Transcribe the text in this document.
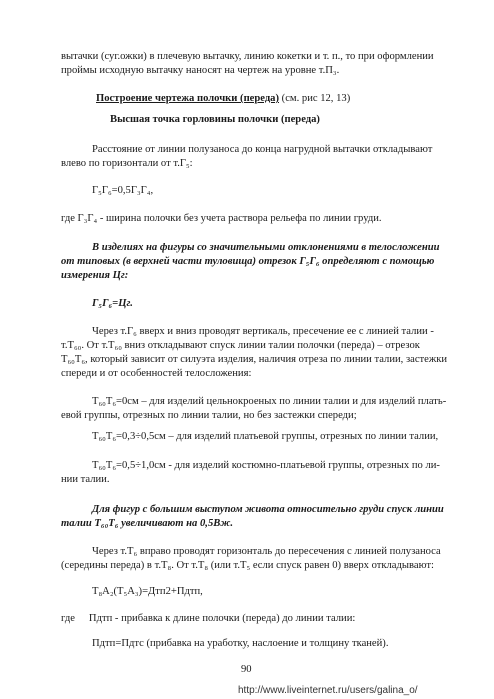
вытачки (суг.ожки) в плечевую вытачку, линию кокетки и т. п., то при оформлении
проймы исходную вытачку наносят на чертеж на уровне т.П₃.
Построение чертежа полочки (переда) (см. рис 12, 13)
Высшая точка горловины полочки (переда)
Расстояние от линии полузаноса до конца нагрудной вытачки откладывают
влево по горизонтали от т.Г₅:
Г₅Г₆=0,5Г₃Г₄,
где Г₃Г₄ - ширина полочки без учета раствора рельефа по линии груди.
В изделиях на фигуры со значительными отклонениями в телосложении
от типовых (в верхней части туловища) отрезок Г₅Г₆ определяют с помощью
измерения Цг:
Г₅Г₆=Цг.
Через т.Г₆ вверх и вниз проводят вертикаль, пресечение ее с линией талии -
т.Т₆₀. От т.Т₆₀ вниз откладывают спуск линии талии полочки (переда) – отрезок
Т₆₀Т₆, который зависит от силуэта изделия, наличия отреза по линии талии, застежки
спереди и от особенностей телосложения:
Т₆₀Т₆=0см – для изделий цельнокроеных по линии талии и для изделий плать-
евой группы, отрезных по линии талии, но без застежки спереди;
Т₆₀Т₆=0,3÷0,5см – для изделий платьевой группы, отрезных по линии талии,
Т₆₀Т₆=0,5÷1,0см - для изделий костюмно-платьевой группы, отрезных по ли-
нии талии.
Для фигур с большим выступом живота относительно груди спуск линии
талии Т₆₀Т₆ увеличивают на 0,5Вж.
Через т.Т₆ вправо проводят горизонталь до пересечения с линией полузаноса
(середины переда) в т.Т₈. От т.Т₈ (или т.Т₅ если спуск равен 0) вверх откладывают:
Т₈А₂(Т₅А₃)=Дтп2+Пдтп,
где Пдтп - прибавка к длине полочки (переда) до линии талии:
Пдтп=Пдтс (прибавка на уработку, наслоение и толщину тканей).
90
http://www.liveinternet.ru/users/galina_o/
